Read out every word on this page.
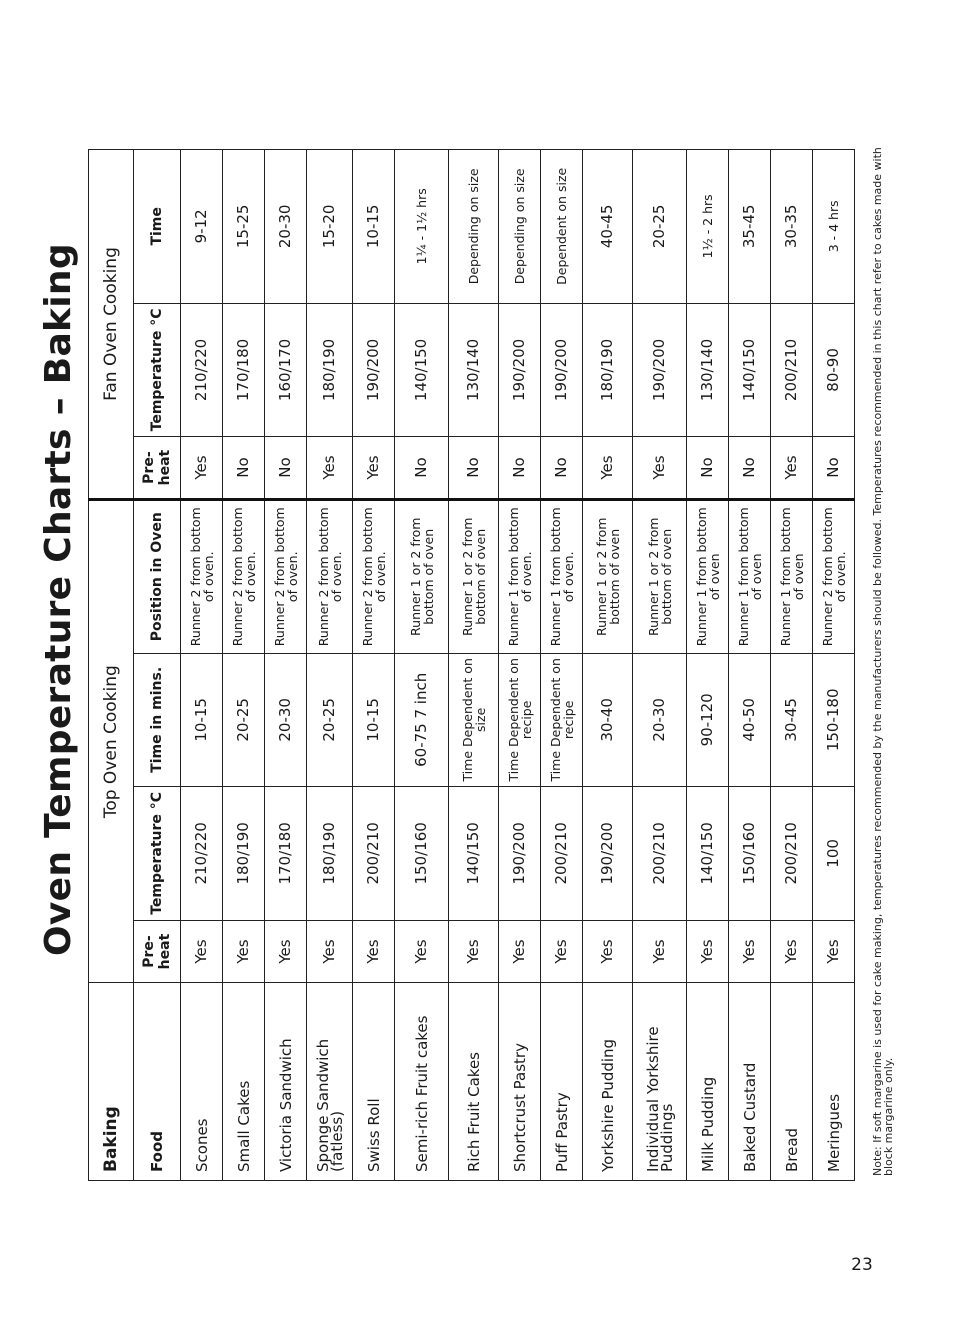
Oven Temperature Charts – Baking
Baking	Top Oven Cooking				Fan Oven Cooking		
Food	Pre-heat	Temperature °C	Time in mins.	Position in Oven	Pre-heat	Temperature °C	Time
Scones	Yes	210/220	10-15	Runner 2 from bottom of oven.	Yes	210/220	9-12
Small Cakes	Yes	180/190	20-25	Runner 2 from bottom of oven.	No	170/180	15-25
Victoria Sandwich	Yes	170/180	20-30	Runner 2 from bottom of oven.	No	160/170	20-30
Sponge Sandwich (fatless)	Yes	180/190	20-25	Runner 2 from bottom of oven.	Yes	180/190	15-20
Swiss Roll	Yes	200/210	10-15	Runner 2 from bottom of oven.	Yes	190/200	10-15
Semi-rich Fruit cakes	Yes	150/160	60-75 7 inch	Runner 1 or 2 from bottom of oven	No	140/150	1¼ - 1½ hrs
Rich Fruit Cakes	Yes	140/150	Time Dependent on size	Runner 1 or 2 from bottom of oven	No	130/140	Depending on size
Shortcrust Pastry	Yes	190/200	Time Dependent on recipe	Runner 1 from bottom of oven.	No	190/200	Depending on size
Puff Pastry	Yes	200/210	Time Dependent on recipe	Runner 1 from bottom of oven.	No	190/200	Dependent on size
Yorkshire Pudding	Yes	190/200	30-40	Runner 1 or 2 from bottom of oven	Yes	180/190	40-45
Individual Yorkshire Puddings	Yes	200/210	20-30	Runner 1 or 2 from bottom of oven	Yes	190/200	20-25
Milk Pudding	Yes	140/150	90-120	Runner 1 from bottom of oven	No	130/140	1½ - 2 hrs
Baked Custard	Yes	150/160	40-50	Runner 1 from bottom of oven	No	140/150	35-45
Bread	Yes	200/210	30-45	Runner 1 from bottom of oven	Yes	200/210	30-35
Meringues	Yes	100	150-180	Runner 2 from bottom of oven.	No	80-90	3 - 4 hrs	Note: If soft margarine is used for cake making, temperatures recommended by the manufacturers should be followed. Temperatures recommended in this chart refer to cakes made with block margarine only.

23
